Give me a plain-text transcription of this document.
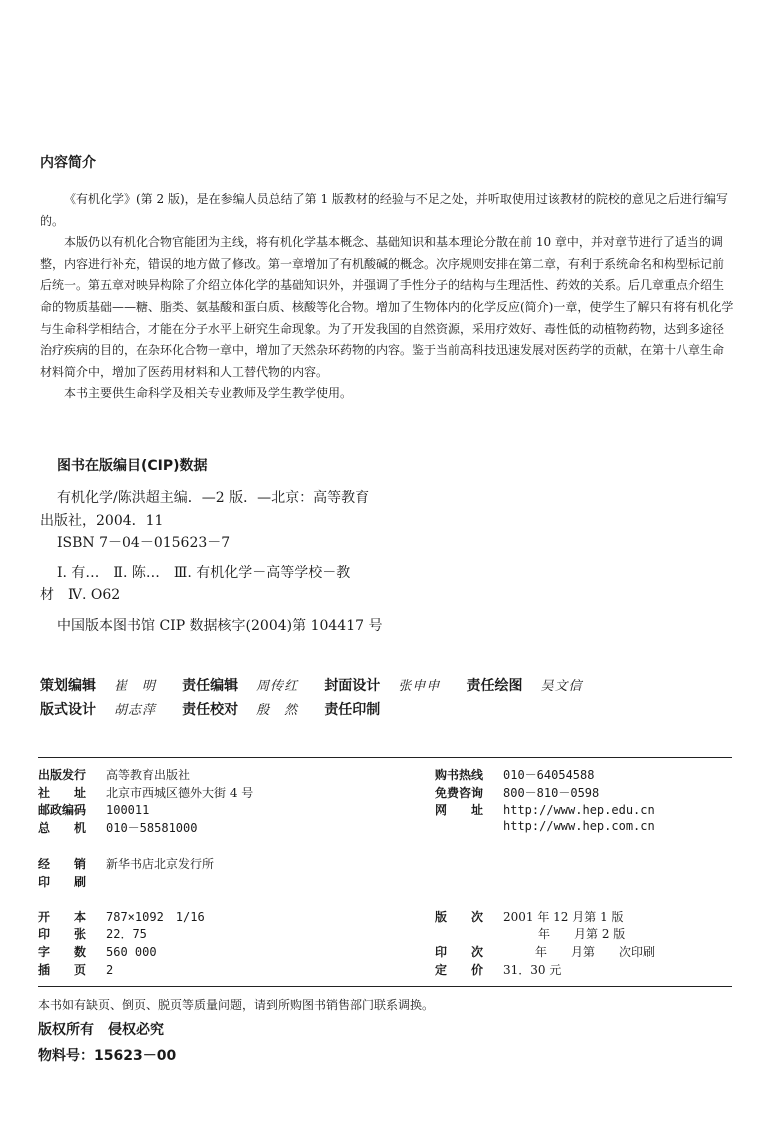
内容简介

《有机化学》(第 2 版)，是在参编人员总结了第 1 版教材的经验与不足之处，并听取使用过该教材的院校的意见之后进行编写的。

本版仍以有机化合物官能团为主线，将有机化学基本概念、基础知识和基本理论分散在前 10 章中，并对章节进行了适当的调整，内容进行补充，错误的地方做了修改。第一章增加了有机酸碱的概念。次序规则安排在第二章，有利于系统命名和构型标记前后统一。第五章对映异构除了介绍立体化学的基础知识外，并强调了手性分子的结构与生理活性、药效的关系。后几章重点介绍生命的物质基础——糖、脂类、氨基酸和蛋白质、核酸等化合物。增加了生物体内的化学反应(简介)一章，使学生了解只有将有机化学与生命科学相结合，才能在分子水平上研究生命现象。为了开发我国的自然资源，采用疗效好、毒性低的动植物药物，达到多途径治疗疾病的目的，在杂环化合物一章中，增加了天然杂环药物的内容。鉴于当前高科技迅速发展对医药学的贡献，在第十八章生命材料简介中，增加了医药用材料和人工替代物的内容。

本书主要供生命科学及相关专业教师及学生教学使用。

图书在版编目(CIP)数据
有机化学/陈洪超主编．—2 版．—北京：高等教育
出版社，2004．11
ISBN 7－04－015623－7
Ⅰ. 有…　Ⅱ. 陈…　Ⅲ. 有机化学－高等学校－教
材　Ⅳ. O62
中国版本图书馆 CIP 数据核字(2004)第 104417 号
策划编辑 崔　明 责任编辑 周传红 封面设计 张申申 责任绘图 吴文信
版式设计 胡志萍 责任校对 殷　然 责任印制
出版发行 高等教育出版社
社　　址 北京市西城区德外大街 4 号
邮政编码 100011
总　　机 010－58581000
经　　销 新华书店北京发行所
印　　刷
开　　本 787×1092　1/16
印　　张 22．75
字　　数 560 000
插　　页 2
购书热线 010－64054588
免费咨询 800－810－0598
网　　址 http://www.hep.edu.cn
http://www.hep.com.cn
版　　次 2001 年 12 月第 1 版
年　　月第 2 版
印　　次	年　　月第　　次印刷
定　　价 31．30 元
本书如有缺页、倒页、脱页等质量问题，请到所购图书销售部门联系调换。
版权所有　侵权必究
物料号：15623－00
